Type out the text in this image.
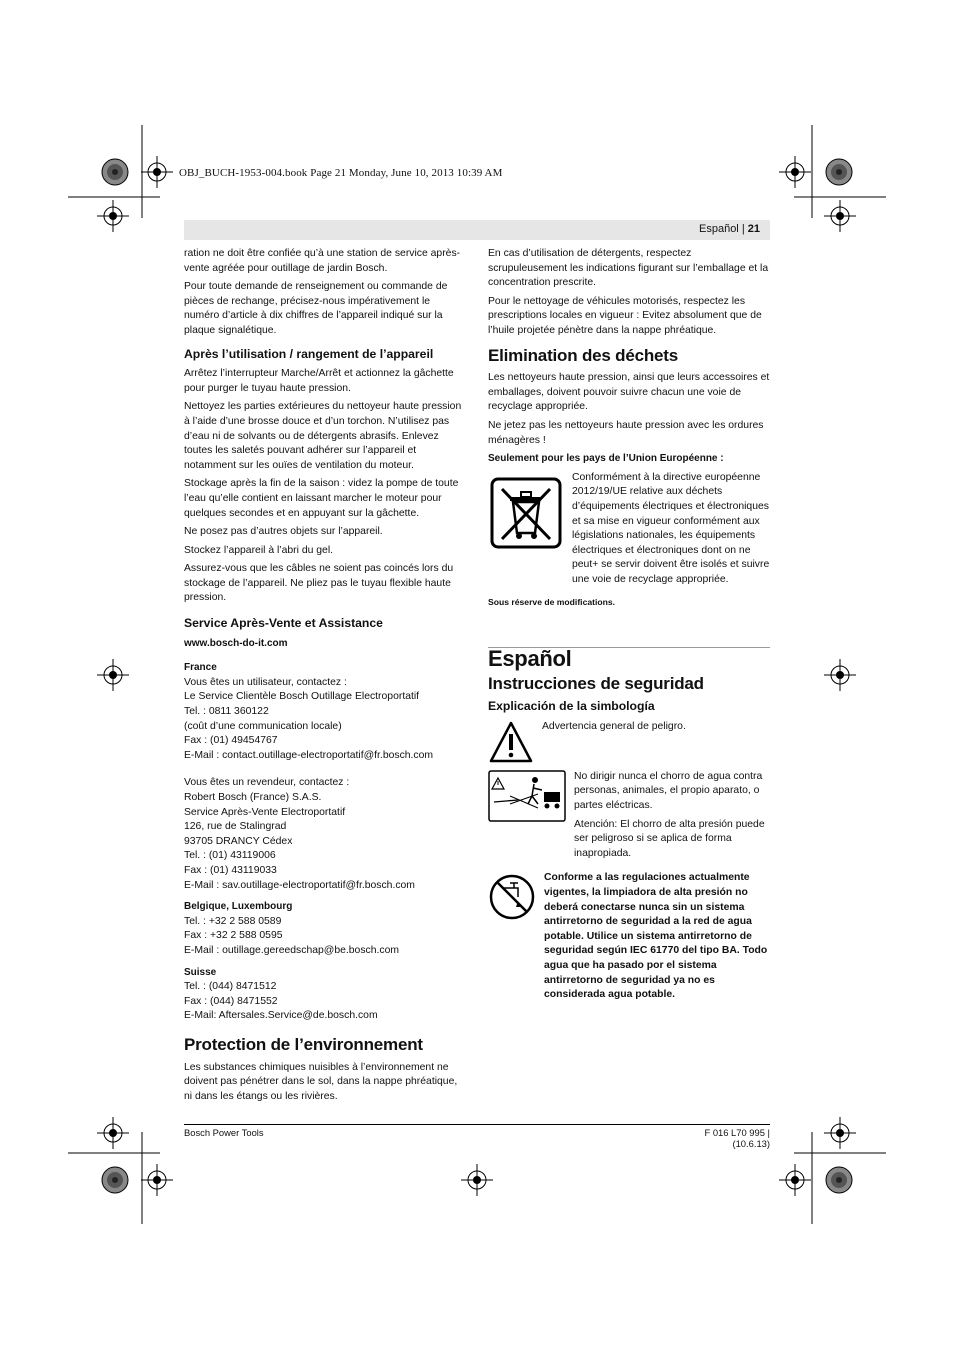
OBJ_BUCH-1953-004.book Page 21 Monday, June 10, 2013 10:39 AM
Español | 21

ration ne doit être confiée qu’à une station de service après-vente agréée pour outillage de jardin Bosch.

Pour toute demande de renseignement ou commande de pièces de rechange, précisez-nous impérativement le numéro d’article à dix chiffres de l’appareil indiqué sur la plaque signalétique.

Après l’utilisation / rangement de l’appareil

Arrêtez l’interrupteur Marche/Arrêt et actionnez la gâchette pour purger le tuyau haute pression.

Nettoyez les parties extérieures du nettoyeur haute pression à l’aide d’une brosse douce et d’un torchon. N’utilisez pas d’eau ni de solvants ou de détergents abrasifs. Enlevez toutes les saletés pouvant adhérer sur l’appareil et notamment sur les ouïes de ventilation du moteur.

Stockage après la fin de la saison : videz la pompe de toute l’eau qu’elle contient en laissant marcher le moteur pour quelques secondes et en appuyant sur la gâchette.

Ne posez pas d’autres objets sur l’appareil.

Stockez l’appareil à l’abri du gel.

Assurez-vous que les câbles ne soient pas coincés lors du stockage de l’appareil. Ne pliez pas le tuyau flexible haute pression.

Service Après-Vente et Assistance

www.bosch-do-it.com

France
Vous êtes un utilisateur, contactez :
Le Service Clientèle Bosch Outillage Electroportatif
Tel. : 0811 360122
(coût d’une communication locale)
Fax : (01) 49454767
E-Mail : contact.outillage-electroportatif@fr.bosch.com
Vous êtes un revendeur, contactez :
Robert Bosch (France) S.A.S.
Service Après-Vente Electroportatif
126, rue de Stalingrad
93705 DRANCY Cédex
Tel. : (01) 43119006
Fax : (01) 43119033
E-Mail : sav.outillage-electroportatif@fr.bosch.com
Belgique, Luxembourg
Tel. : +32 2 588 0589
Fax : +32 2 588 0595
E-Mail : outillage.gereedschap@be.bosch.com
Suisse
Tel. : (044) 8471512
Fax : (044) 8471552
E-Mail: Aftersales.Service@de.bosch.com
Protection de l’environnement

Les substances chimiques nuisibles à l’environnement ne doivent pas pénétrer dans le sol, dans la nappe phréatique, ni dans les étangs ou les rivières.

En cas d’utilisation de détergents, respectez scrupuleusement les indications figurant sur l’emballage et la concentration prescrite.

Pour le nettoyage de véhicules motorisés, respectez les prescriptions locales en vigueur : Evitez absolument que de l’huile projetée pénètre dans la nappe phréatique.

Elimination des déchets

Les nettoyeurs haute pression, ainsi que leurs accessoires et emballages, doivent pouvoir suivre chacun une voie de recyclage appropriée.

Ne jetez pas les nettoyeurs haute pression avec les ordures ménagères !

Seulement pour les pays de l’Union Européenne :

Conformément à la directive européenne 2012/19/UE relative aux déchets d’équipements électriques et électroniques et sa mise en vigueur conformément aux législations nationales, les équipements électriques et électroniques dont on ne peut+ se servir doivent être isolés et suivre une voie de recyclage appropriée.
Sous réserve de modifications.
Español
Instrucciones de seguridad
Explicación de la simbología
Advertencia general de peligro.

No dirigir nunca el chorro de agua contra personas, animales, el propio aparato, o partes eléctricas.

Atención: El chorro de alta presión puede ser peligroso si se aplica de forma inapropiada.

Conforme a las regulaciones actualmente vigentes, la limpiadora de alta presión no deberá conectarse nunca sin un sistema antirretorno de seguridad a la red de agua potable. Utilice un sistema antirretorno de seguridad según IEC 61770 del tipo BA. Todo agua que ha pasado por el sistema antirretorno de seguridad ya no es considerada agua potable.
Bosch Power Tools	F 016 L70 995 | (10.6.13)
